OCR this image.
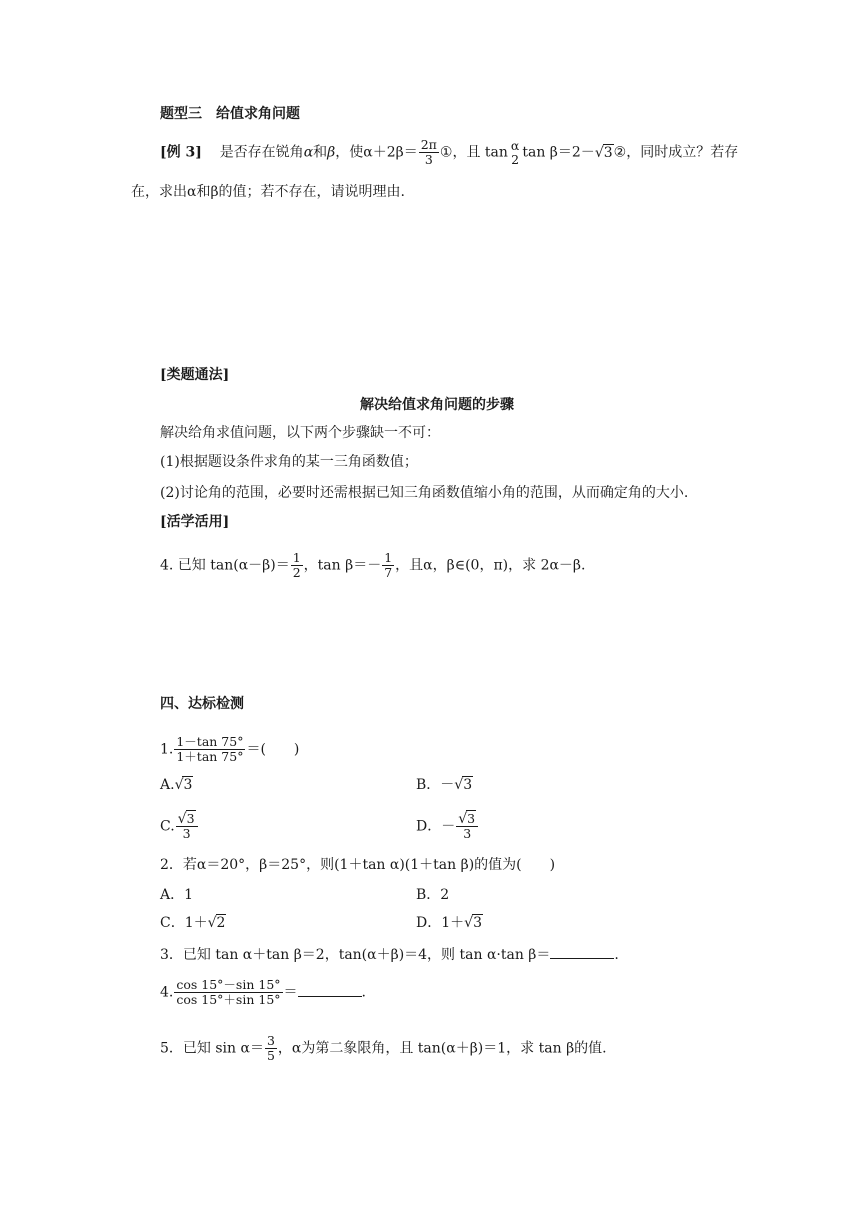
题型三　给值求角问题
[例 3] 是否存在锐角α和β，使$\alpha+2\beta= \frac{2\pi}{3}$ ①，且 tan α
2 tan β＝2－√3②，同时成立？若存
在，求出α和β的值；若不存在，请说明理由.
[类题通法]
解决给值求角问题的步骤
解决给角求值问题，以下两个步骤缺一不可：
(1)根据题设条件求角的某一三角函数值；
(2)讨论角的范围，必要时还需根据已知三角函数值缩小角的范围，从而确定角的大小.
[活学活用]
4. 已知 $\tan(\alpha-\beta)= \frac{1}{2}$ ，$\tan \beta=- \frac{1}{7}$ ，且α，β∈(0，π)，求 2α－β.
四、达标检测
1. $\frac{1-\tan 75^\circ}{1+\tan 75^\circ}$ ＝(　　)
A.√3	B．－√3
C. $\frac{√3}{3}$	D．－ $\frac{√3}{3}$
2．若α＝20°，β＝25°，则(1＋tan α)(1＋tan β)的值为(　　)
A．1	B．2
C．1＋√2	D．1＋√3
3．已知 tan α＋tan β＝2，tan(α＋β)＝4，则 tan α·tan β＝	.
4. $\frac{\cos 15^\circ-\sin 15^\circ}{\cos 15^\circ+\sin 15^\circ}$ ＝	.
5．已知 $\sin \alpha= \frac{3}{5}$ ，α为第二象限角，且 tan(α＋β)＝1，求 tan β的值.
